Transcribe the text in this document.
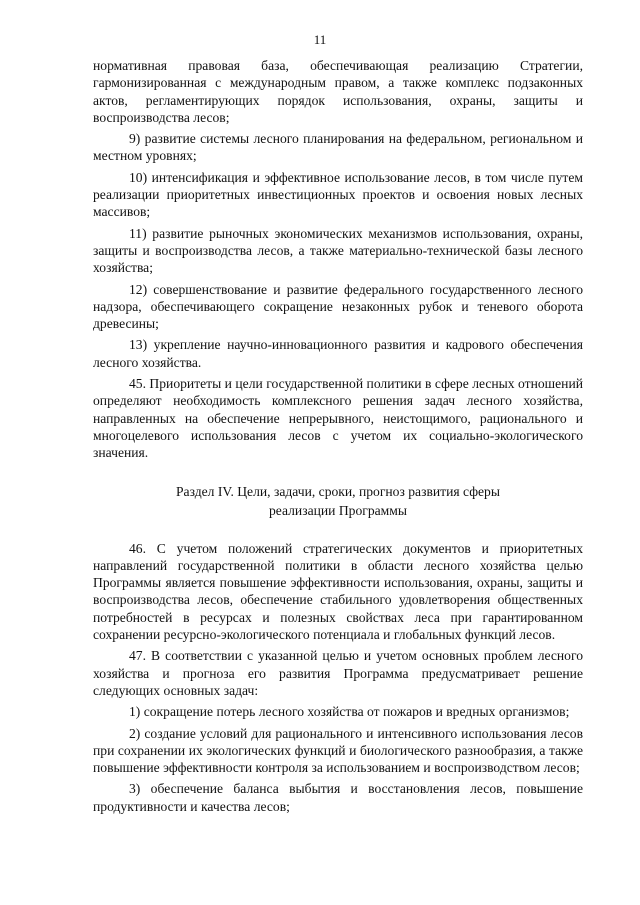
11

нормативная правовая база, обеспечивающая реализацию Стратегии, гармонизированная с международным правом, а также комплекс подзаконных актов, регламентирующих порядок использования, охраны, защиты и воспроизводства лесов;

9) развитие системы лесного планирования на федеральном, региональном и местном уровнях;

10) интенсификация и эффективное использование лесов, в том числе путем реализации приоритетных инвестиционных проектов и освоения новых лесных массивов;

11) развитие рыночных экономических механизмов использования, охраны, защиты и воспроизводства лесов, а также материально-технической базы лесного хозяйства;

12) совершенствование и развитие федерального государственного лесного надзора, обеспечивающего сокращение незаконных рубок и теневого оборота древесины;

13) укрепление научно-инновационного развития и кадрового обеспечения лесного хозяйства.

45. Приоритеты и цели государственной политики в сфере лесных отношений определяют необходимость комплексного решения задач лесного хозяйства, направленных на обеспечение непрерывного, неистощимого, рационального и многоцелевого использования лесов с учетом их социально-экологического значения.

Раздел IV. Цели, задачи, сроки, прогноз развития сферы
реализации Программы

46. С учетом положений стратегических документов и приоритетных направлений государственной политики в области лесного хозяйства целью Программы является повышение эффективности использования, охраны, защиты и воспроизводства лесов, обеспечение стабильного удовлетворения общественных потребностей в ресурсах и полезных свойствах леса при гарантированном сохранении ресурсно-экологического потенциала и глобальных функций лесов.

47. В соответствии с указанной целью и учетом основных проблем лесного хозяйства и прогноза его развития Программа предусматривает решение следующих основных задач:

1) сокращение потерь лесного хозяйства от пожаров и вредных организмов;

2) создание условий для рационального и интенсивного использования лесов при сохранении их экологических функций и биологического разнообразия, а также повышение эффективности контроля за использованием и воспроизводством лесов;

3) обеспечение баланса выбытия и восстановления лесов, повышение продуктивности и качества лесов;
